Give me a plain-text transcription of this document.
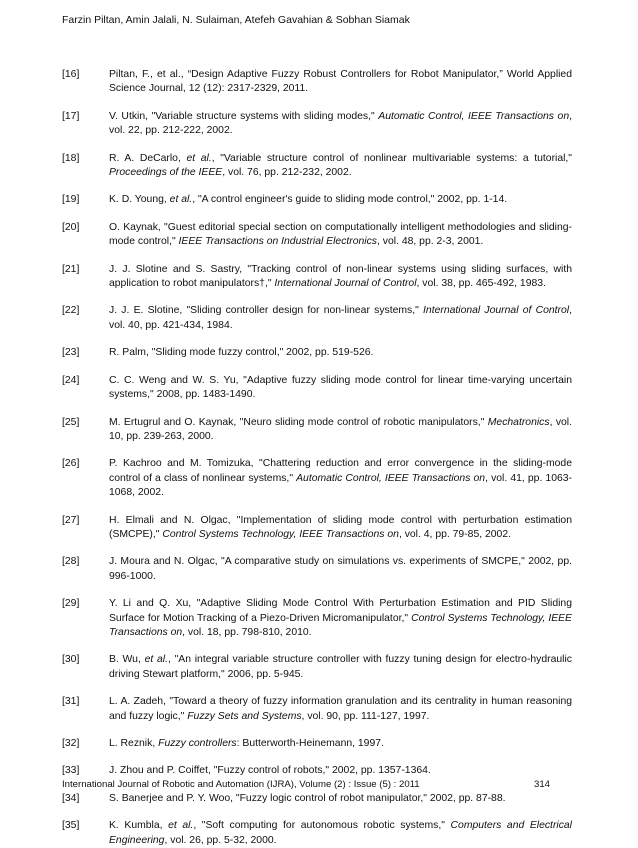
Farzin Piltan, Amin Jalali, N. Sulaiman, Atefeh Gavahian & Sobhan Siamak
[16]	Piltan, F., et al., “Design Adaptive Fuzzy Robust Controllers for Robot Manipulator,” World Applied Science Journal, 12 (12): 2317-2329, 2011.
[17]	V. Utkin, "Variable structure systems with sliding modes," Automatic Control, IEEE Transactions on, vol. 22, pp. 212-222, 2002.
[18]	R. A. DeCarlo, et al., "Variable structure control of nonlinear multivariable systems: a tutorial," Proceedings of the IEEE, vol. 76, pp. 212-232, 2002.
[19]	K. D. Young, et al., "A control engineer's guide to sliding mode control," 2002, pp. 1-14.
[20]	O. Kaynak, "Guest editorial special section on computationally intelligent methodologies and sliding-mode control," IEEE Transactions on Industrial Electronics, vol. 48, pp. 2-3, 2001.
[21]	J. J. Slotine and S. Sastry, "Tracking control of non-linear systems using sliding surfaces, with application to robot manipulators†," International Journal of Control, vol. 38, pp. 465-492, 1983.
[22]	J. J. E. Slotine, "Sliding controller design for non-linear systems," International Journal of Control, vol. 40, pp. 421-434, 1984.
[23]	R. Palm, "Sliding mode fuzzy control," 2002, pp. 519-526.
[24]	C. C. Weng and W. S. Yu, "Adaptive fuzzy sliding mode control for linear time-varying uncertain systems," 2008, pp. 1483-1490.
[25]	M. Ertugrul and O. Kaynak, "Neuro sliding mode control of robotic manipulators," Mechatronics, vol. 10, pp. 239-263, 2000.
[26]	P. Kachroo and M. Tomizuka, "Chattering reduction and error convergence in the sliding-mode control of a class of nonlinear systems," Automatic Control, IEEE Transactions on, vol. 41, pp. 1063-1068, 2002.
[27]	H. Elmali and N. Olgac, "Implementation of sliding mode control with perturbation estimation (SMCPE)," Control Systems Technology, IEEE Transactions on, vol. 4, pp. 79-85, 2002.
[28]	J. Moura and N. Olgac, "A comparative study on simulations vs. experiments of SMCPE," 2002, pp. 996-1000.
[29]	Y. Li and Q. Xu, "Adaptive Sliding Mode Control With Perturbation Estimation and PID Sliding Surface for Motion Tracking of a Piezo-Driven Micromanipulator," Control Systems Technology, IEEE Transactions on, vol. 18, pp. 798-810, 2010.
[30]	B. Wu, et al., "An integral variable structure controller with fuzzy tuning design for electro-hydraulic driving Stewart platform," 2006, pp. 5-945.
[31]	L. A. Zadeh, "Toward a theory of fuzzy information granulation and its centrality in human reasoning and fuzzy logic," Fuzzy Sets and Systems, vol. 90, pp. 111-127, 1997.
[32]	L. Reznik, Fuzzy controllers: Butterworth-Heinemann, 1997.
[33]	J. Zhou and P. Coiffet, "Fuzzy control of robots," 2002, pp. 1357-1364.
[34]	S. Banerjee and P. Y. Woo, "Fuzzy logic control of robot manipulator," 2002, pp. 87-88.
[35]	K. Kumbla, et al., "Soft computing for autonomous robotic systems," Computers and Electrical Engineering, vol. 26, pp. 5-32, 2000.
International Journal of Robotic and Automation (IJRA), Volume (2) : Issue (5) : 2011	314
